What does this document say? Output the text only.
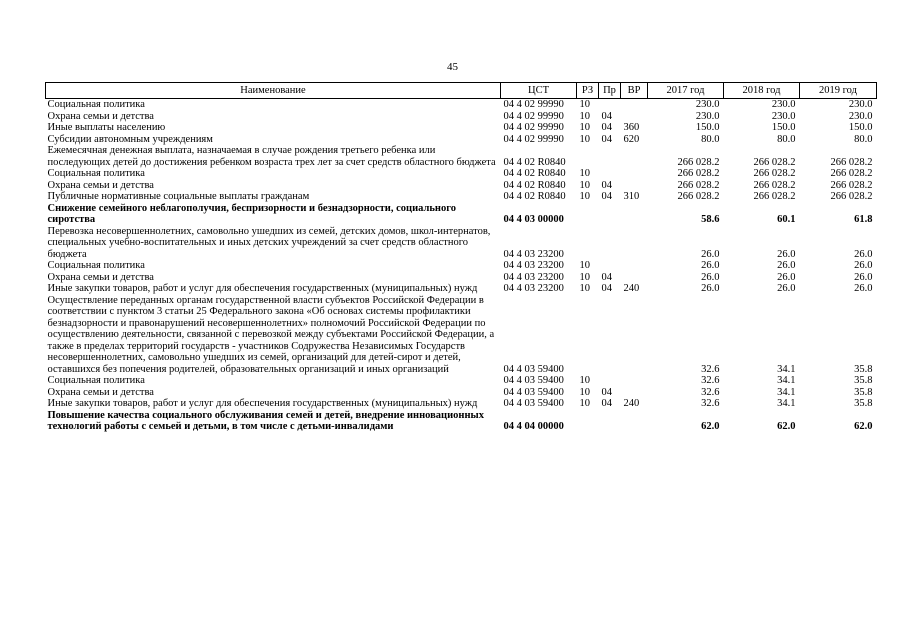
45
Наименование	ЦСТ	РЗ	Пр	ВР	2017 год	2018 год	2019 год
Социальная политика	04 4 02 99990	10			230.0	230.0	230.0
Охрана семьи и детства	04 4 02 99990	10	04		230.0	230.0	230.0
Иные выплаты населению	04 4 02 99990	10	04	360	150.0	150.0	150.0
Субсидии автономным учреждениям	04 4 02 99990	10	04	620	80.0	80.0	80.0
Ежемесячная денежная выплата, назначаемая в случае рождения третьего ребенка или последующих детей до достижения ребенком возраста трех лет за счет средств областного бюджета	04 4 02 R0840				266 028.2	266 028.2	266 028.2
Социальная политика	04 4 02 R0840	10			266 028.2	266 028.2	266 028.2
Охрана семьи и детства	04 4 02 R0840	10	04		266 028.2	266 028.2	266 028.2
Публичные нормативные социальные выплаты гражданам	04 4 02 R0840	10	04	310	266 028.2	266 028.2	266 028.2
Снижение семейного неблагополучия, беспризорности и безнадзорности, социального сиротства	04 4 03 00000				58.6	60.1	61.8
Перевозка несовершеннолетних, самовольно ушедших из семей, детских домов, школ-интернатов, специальных учебно-воспитательных и иных детских учреждений за счет средств областного бюджета	04 4 03 23200				26.0	26.0	26.0
Социальная политика	04 4 03 23200	10			26.0	26.0	26.0
Охрана семьи и детства	04 4 03 23200	10	04		26.0	26.0	26.0
Иные закупки товаров, работ и услуг для обеспечения государственных (муниципальных) нужд	04 4 03 23200	10	04	240	26.0	26.0	26.0
Осуществление переданных органам государственной власти субъектов Российской Федерации в соответствии с пунктом 3 статьи 25 Федерального закона «Об основах системы профилактики безнадзорности и правонарушений несовершеннолетних» полномочий Российской Федерации по осуществлению деятельности, связанной с перевозкой между субъектами Российской Федерации, а также в пределах территорий государств - участников Содружества Независимых Государств несовершеннолетних, самовольно ушедших из семей, организаций для детей-сирот и детей, оставшихся без попечения родителей, образовательных организаций и иных организаций	04 4 03 59400				32.6	34.1	35.8
Социальная политика	04 4 03 59400	10			32.6	34.1	35.8
Охрана семьи и детства	04 4 03 59400	10	04		32.6	34.1	35.8
Иные закупки товаров, работ и услуг для обеспечения государственных (муниципальных) нужд	04 4 03 59400	10	04	240	32.6	34.1	35.8
Повышение качества социального обслуживания семей и детей, внедрение инновационных технологий работы с семьей и детьми, в том числе с детьми-инвалидами	04 4 04 00000				62.0	62.0	62.0
